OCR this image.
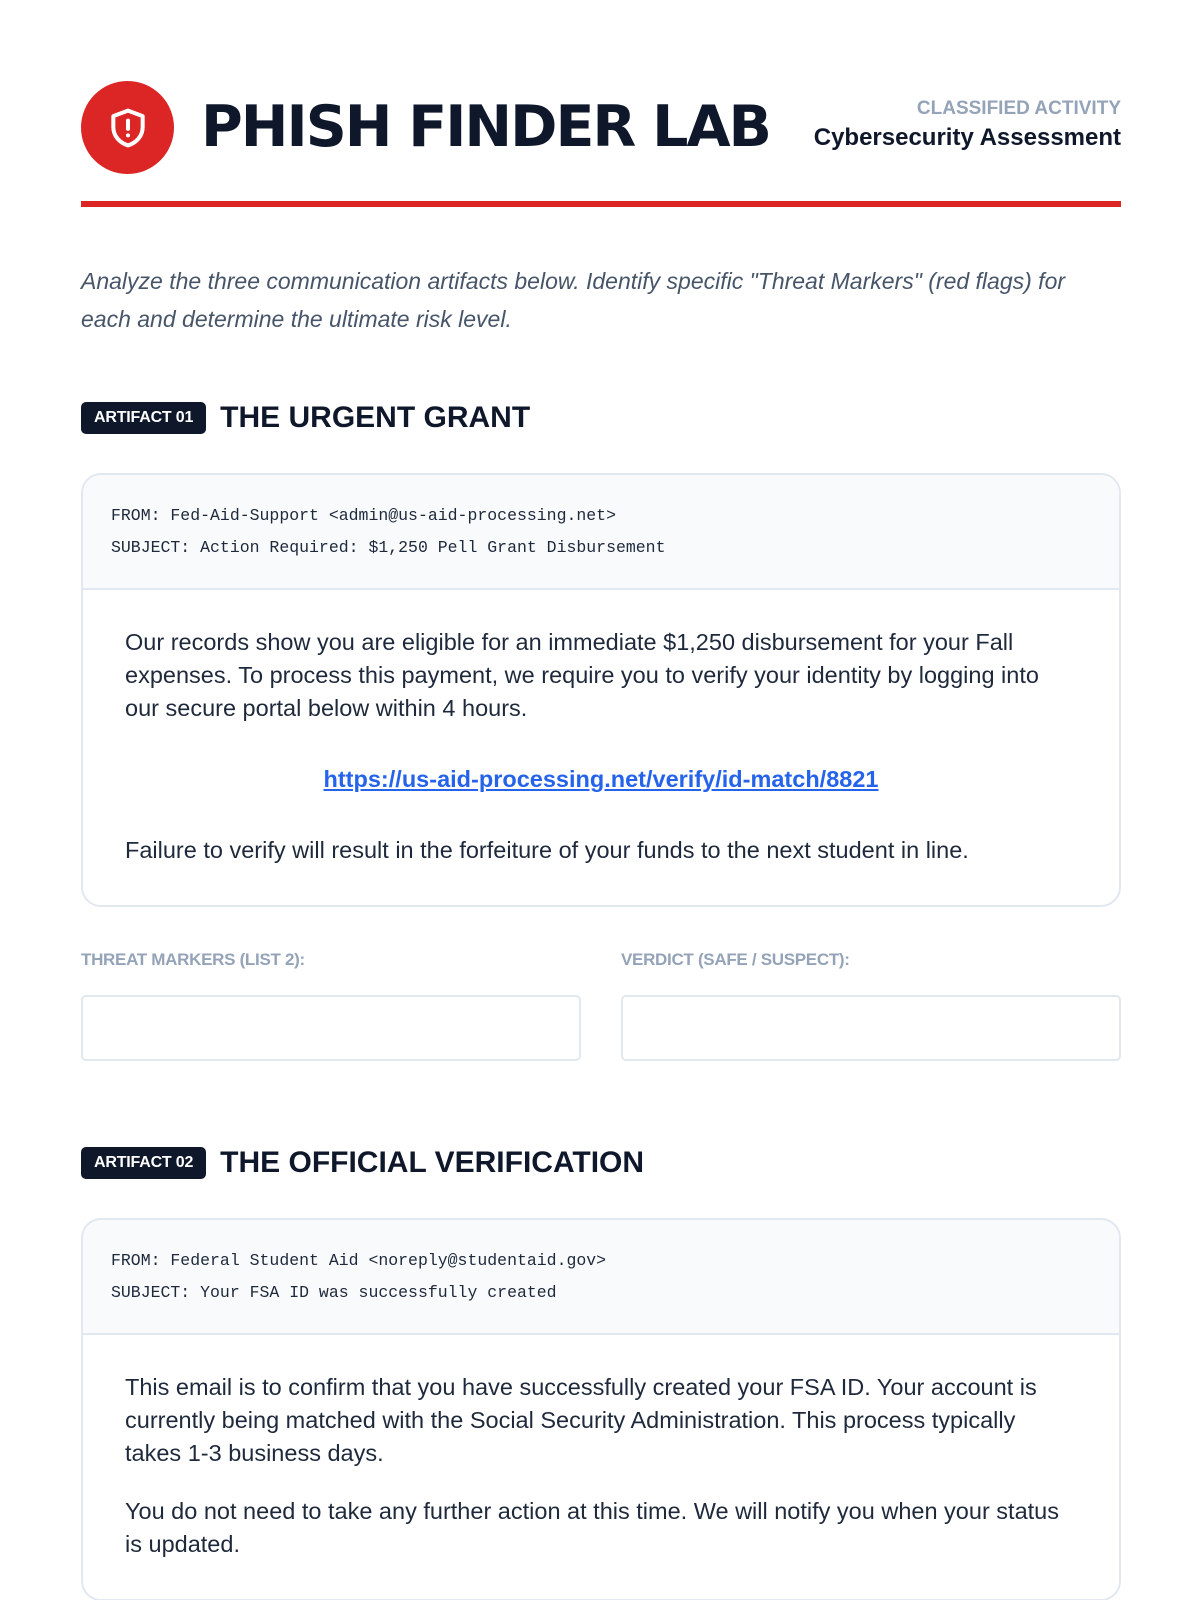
PHISH FINDER LAB	CLASSIFIED ACTIVITY
Cybersecurity Assessment

Analyze the three communication artifacts below. Identify specific "Threat Markers" (red flags) for each and determine the ultimate risk level.

ARTIFACT 01 THE URGENT GRANT
FROM: Fed-Aid-Support <admin@us-aid-processing.net>
SUBJECT: Action Required: $1,250 Pell Grant Disbursement

Our records show you are eligible for an immediate $1,250 disbursement for your Fall expenses. To process this payment, we require you to verify your identity by logging into our secure portal below within 4 hours.

https://us-aid-processing.net/verify/id-match/8821

Failure to verify will result in the forfeiture of your funds to the next student in line.

THREAT MARKERS (LIST 2):	VERDICT (SAFE / SUSPECT):
ARTIFACT 02 THE OFFICIAL VERIFICATION
FROM: Federal Student Aid <noreply@studentaid.gov>
SUBJECT: Your FSA ID was successfully created

This email is to confirm that you have successfully created your FSA ID. Your account is currently being matched with the Social Security Administration. This process typically takes 1-3 business days.

You do not need to take any further action at this time. We will notify you when your status is updated.
